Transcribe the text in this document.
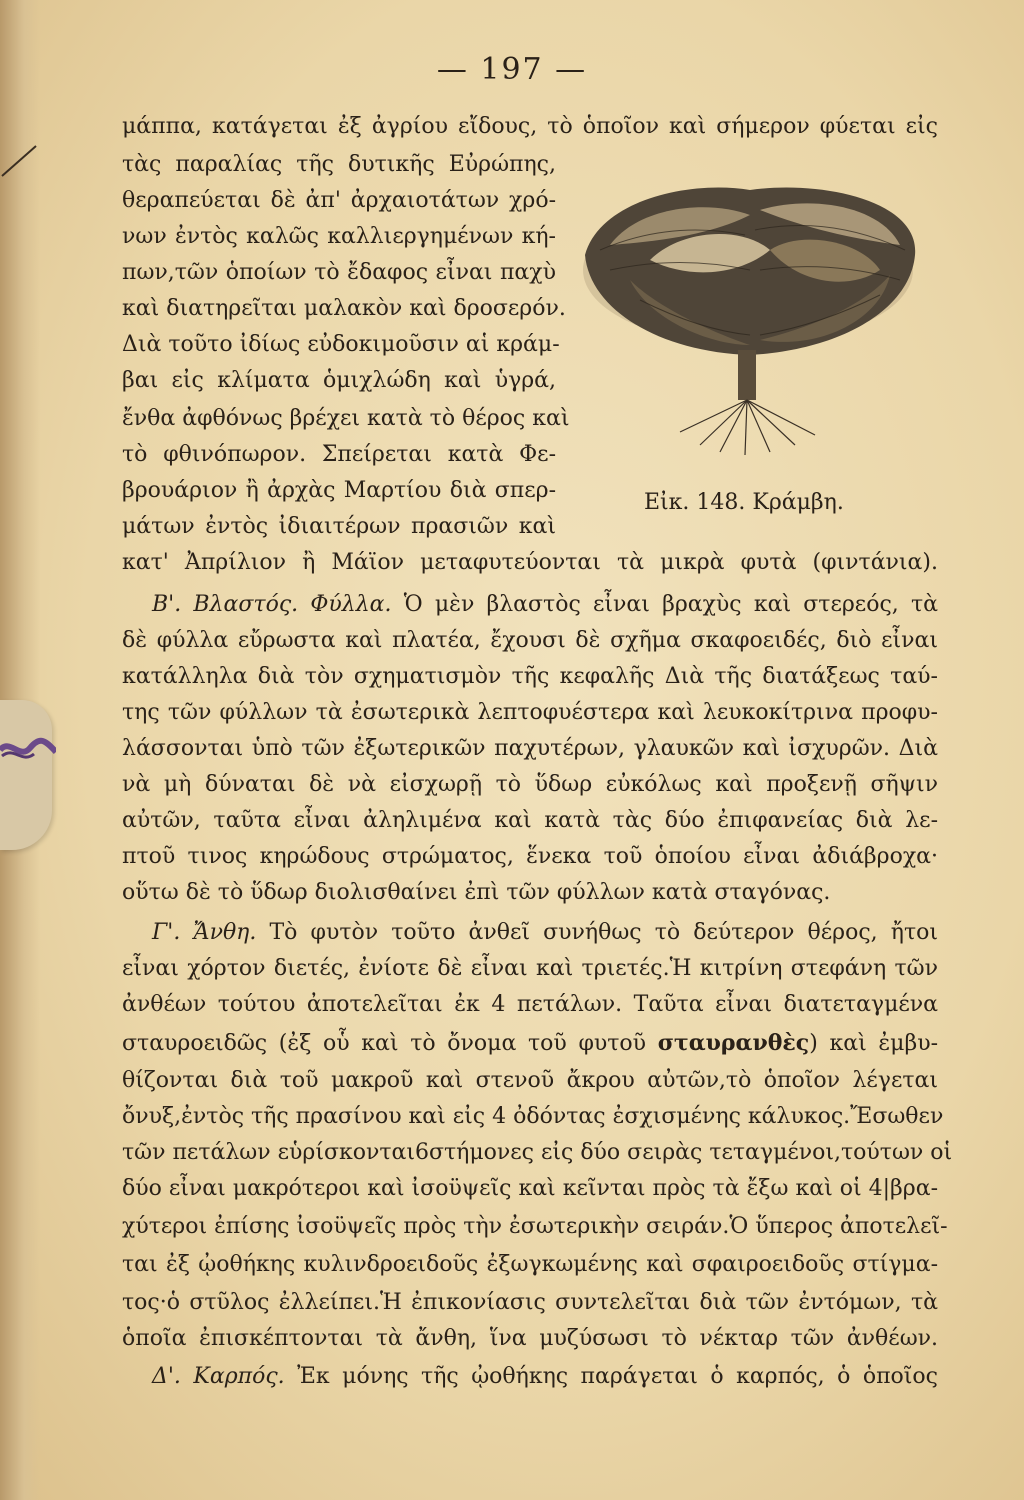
— 197 —
μάππα, κατάγεται ἐξ ἀγρίου εἴδους, τὸ ὁποῖον καὶ σήμερον φύεται εἰς
τὰς παραλίας τῆς δυτικῆς Εὐρώπης,
θεραπεύεται δὲ ἀπ' ἀρχαιοτάτων χρό-
νων ἐντὸς καλῶς καλλιεργημένων κή-
πων,τῶν ὁποίων τὸ ἔδαφος εἶναι παχὺ
καὶ διατηρεῖται μαλακὸν καὶ δροσερόν.
Διὰ τοῦτο ἰδίως εὐδοκιμοῦσιν αἱ κράμ-
βαι εἰς κλίματα ὁμιχλώδη καὶ ὑγρά,
ἔνθα ἀφθόνως βρέχει κατὰ τὸ θέρος καὶ
τὸ φθινόπωρον. Σπείρεται κατὰ Φε-
βρουάριον ἢ ἀρχὰς Μαρτίου διὰ σπερ-
μάτων ἐντὸς ἰδιαιτέρων πρασιῶν καὶ
κατ' Ἀπρίλιον ἢ Μάϊον μεταφυτεύονται τὰ μικρὰ φυτὰ (φιντάνια).
Εἰκ. 148. Κράμβη.
Β'. Βλαστός. Φύλλα. Ὁ μὲν βλαστὸς εἶναι βραχὺς καὶ στερεός, τὰ
δὲ φύλλα εὔρωστα καὶ πλατέα, ἔχουσι δὲ σχῆμα σκαφοειδές, διὸ εἶναι
κατάλληλα διὰ τὸν σχηματισμὸν τῆς κεφαλῆς Διὰ τῆς διατάξεως ταύ-
της τῶν φύλλων τὰ ἐσωτερικὰ λεπτοφυέστερα καὶ λευκοκίτρινα προφυ-
λάσσονται ὑπὸ τῶν ἐξωτερικῶν παχυτέρων, γλαυκῶν καὶ ἰσχυρῶν. Διὰ
νὰ μὴ δύναται δὲ νὰ εἰσχωρῇ τὸ ὕδωρ εὐκόλως καὶ προξενῇ σῆψιν
αὐτῶν, ταῦτα εἶναι ἀληλιμένα καὶ κατὰ τὰς δύο ἐπιφανείας διὰ λε-
πτοῦ τινος κηρώδους στρώματος, ἕνεκα τοῦ ὁποίου εἶναι ἀδιάβροχα·
οὕτω δὲ τὸ ὕδωρ διολισθαίνει ἐπὶ τῶν φύλλων κατὰ σταγόνας.
Γ'. Ἄνθη. Τὸ φυτὸν τοῦτο ἀνθεῖ συνήθως τὸ δεύτερον θέρος, ἤτοι
εἶναι χόρτον διετές, ἐνίοτε δὲ εἶναι καὶ τριετές.Ἡ κιτρίνη στεφάνη τῶν
ἀνθέων τούτου ἀποτελεῖται ἐκ 4 πετάλων. Ταῦτα εἶναι διατεταγμένα
σταυροειδῶς (ἐξ οὗ καὶ τὸ ὄνομα τοῦ φυτοῦ σταυρανθὲς) καὶ ἐμβυ-
θίζονται διὰ τοῦ μακροῦ καὶ στενοῦ ἄκρου αὐτῶν,τὸ ὁποῖον λέγεται
ὄνυξ,ἐντὸς τῆς πρασίνου καὶ εἰς 4 ὀδόντας ἐσχισμένης κάλυκος.Ἔσωθεν
τῶν πετάλων εὑρίσκονται6στήμονες εἰς δύο σειρὰς τεταγμένοι,τούτων οἱ
δύο εἶναι μακρότεροι καὶ ἰσοϋψεῖς καὶ κεῖνται πρὸς τὰ ἔξω καὶ οἱ 4|βρα-
χύτεροι ἐπίσης ἰσοϋψεῖς πρὸς τὴν ἐσωτερικὴν σειράν.Ὁ ὕπερος ἀποτελεῖ-
ται ἐξ ᾠοθήκης κυλινδροειδοῦς ἐξωγκωμένης καὶ σφαιροειδοῦς στίγμα-
τος·ὁ στῦλος ἐλλείπει.Ἡ ἐπικονίασις συντελεῖται διὰ τῶν ἐντόμων, τὰ
ὁποῖα ἐπισκέπτονται τὰ ἄνθη, ἵνα μυζύσωσι τὸ νέκταρ τῶν ἀνθέων.
Δ'. Καρπός. Ἐκ μόνης τῆς ᾠοθήκης παράγεται ὁ καρπός, ὁ ὁποῖος
